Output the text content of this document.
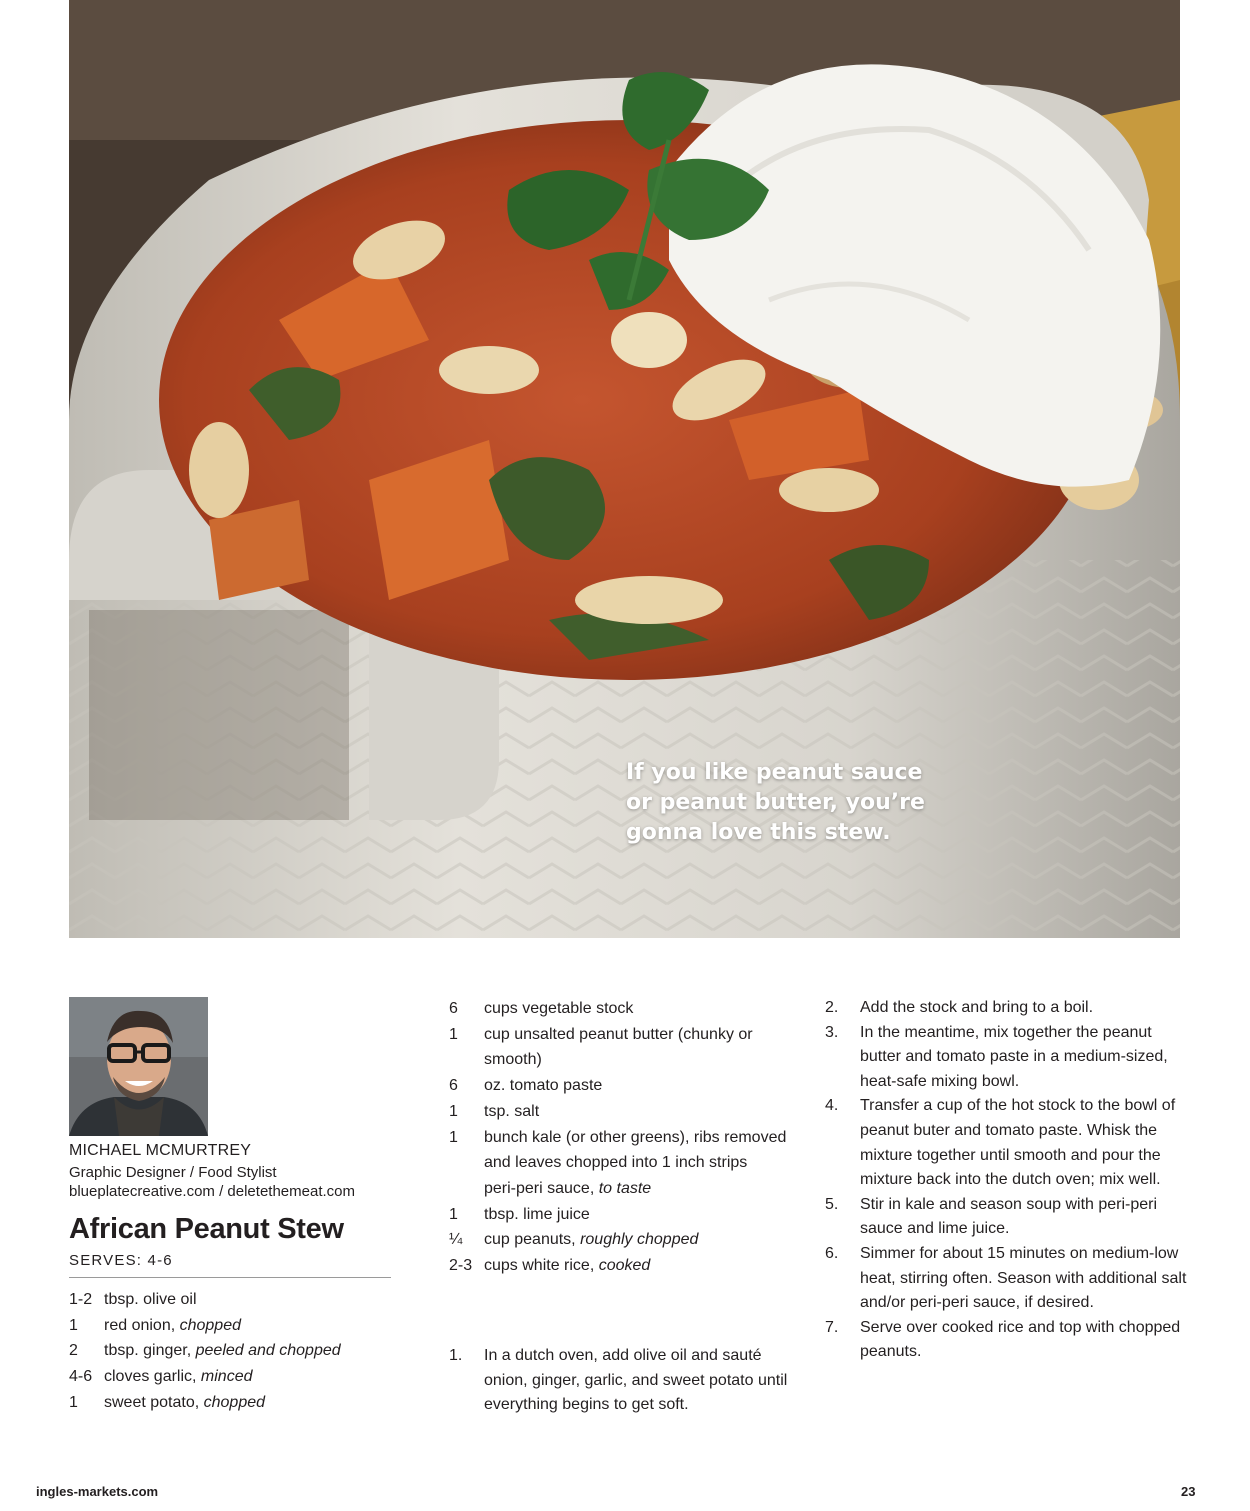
If you like peanut sauce
or peanut butter, you’re
gonna love this stew.
MICHAEL MCMURTREY
Graphic Designer / Food Stylist
blueplatecreative.com / deletethemeat.com
African Peanut Stew
SERVES: 4-6
1-2 tbsp. olive oil
1	red onion, chopped
2	tbsp. ginger, peeled and chopped
4-6 cloves garlic, minced
1	sweet potato, chopped
6	cups vegetable stock
1	cup unsalted peanut butter (chunky or smooth)
6	oz. tomato paste
1	tsp. salt
1	bunch kale (or other greens), ribs removed and leaves chopped into 1 inch strips
peri-peri sauce, to taste
1	tbsp. lime juice
¼	cup peanuts, roughly chopped
2-3 cups white rice, cooked
1.	In a dutch oven, add olive oil and sauté onion, ginger, garlic, and sweet potato until everything begins to get soft.
2.	Add the stock and bring to a boil.
3.	In the meantime, mix together the peanut butter and tomato paste in a medium-sized, heat-safe mixing bowl.
4.	Transfer a cup of the hot stock to the bowl of peanut buter and tomato paste. Whisk the mixture together until smooth and pour the mixture back into the dutch oven; mix well.
5.	Stir in kale and season soup with peri-peri sauce and lime juice.
6.	Simmer for about 15 minutes on medium-low heat, stirring often. Season with additional salt and/or peri-peri sauce, if desired.
7.	Serve over cooked rice and top with chopped peanuts.
ingles-markets.com	23
